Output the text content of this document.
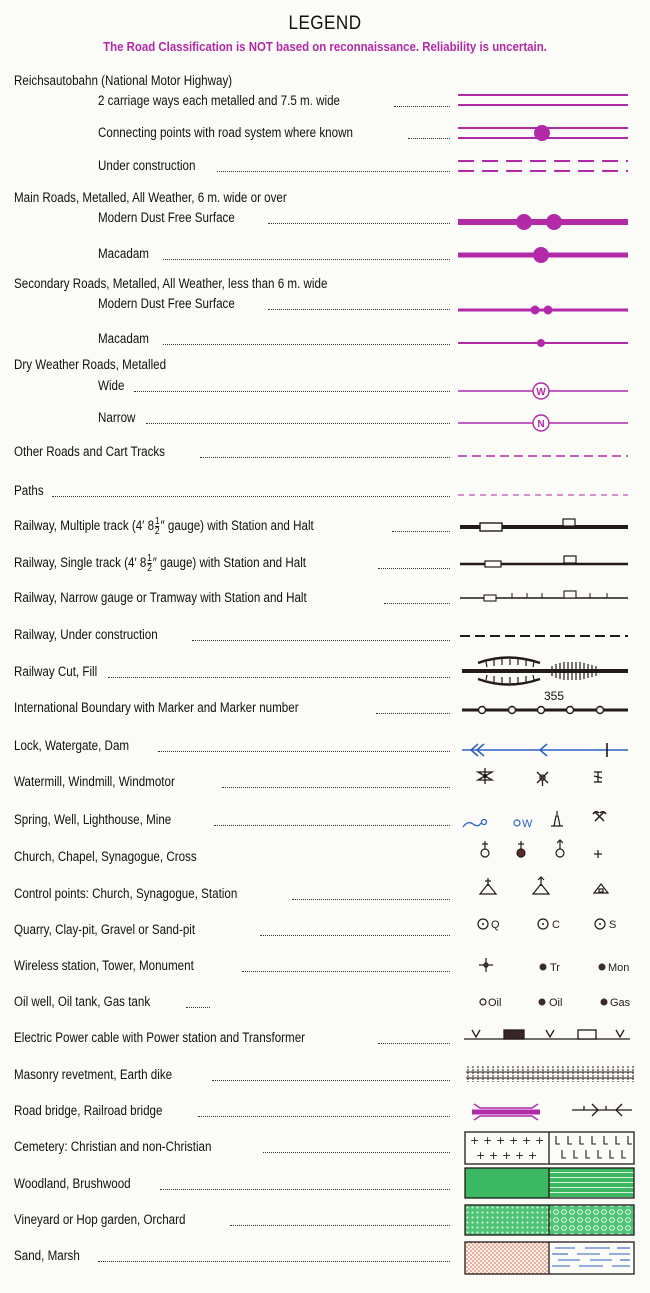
LEGEND
The Road Classification is NOT based on reconnaissance. Reliability is uncertain.
Reichsautobahn (National Motor Highway)
2 carriage ways each metalled and 7.5 m. wide
Connecting points with road system where known
Under construction
Main Roads, Metalled, All Weather, 6 m. wide or over
Modern Dust Free Surface
Macadam
Secondary Roads, Metalled, All Weather, less than 6 m. wide
Modern Dust Free Surface
Macadam
Dry Weather Roads, Metalled
Wide
Narrow
Other Roads and Cart Tracks
Paths
Railway, Multiple track (4′ $8 \frac{1}{2}$ ″ gauge) with Station and Halt
Railway, Single track (4′ $8 \frac{1}{2}$ ″ gauge) with Station and Halt
Railway, Narrow gauge or Tramway with Station and Halt
Railway, Under construction
Railway Cut, Fill
International Boundary with Marker and Marker number
Lock, Watergate, Dam
Watermill, Windmill, Windmotor
Spring, Well, Lighthouse, Mine
Church, Chapel, Synagogue, Cross
Control points: Church, Synagogue, Station
Quarry, Clay-pit, Gravel or Sand-pit
Wireless station, Tower, Monument
Oil well, Oil tank, Gas tank
Electric Power cable with Power station and Transformer
Masonry revetment, Earth dike
Road bridge, Railroad bridge
Cemetery: Christian and non-Christian
Woodland, Brushwood
Vineyard or Hop garden, Orchard
Sand, Marsh
W
N
355
W
Q	C	S
Tr	Mon
Oil	Oil	Gas
+ + + + + +
+ + + + +
